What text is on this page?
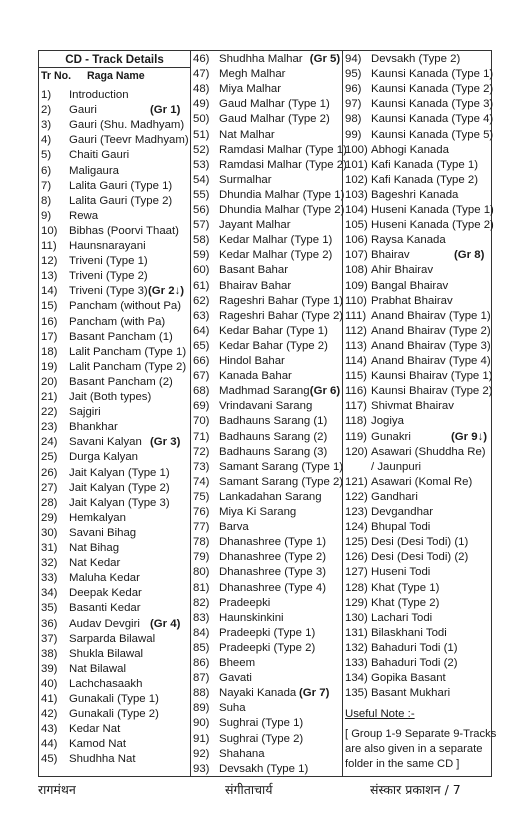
CD - Track Details
Tr No. Raga Name
1) Introduction
2) Gauri	(Gr 1)
3) Gauri (Shu. Madhyam)
4) Gauri (Teevr Madhyam)
5) Chaiti Gauri
6) Maligaura
7) Lalita Gauri (Type 1)
8) Lalita Gauri (Type 2)
9) Rewa
10) Bibhas (Poorvi Thaat)
11) Haunsnarayani
12) Triveni (Type 1)
13) Triveni (Type 2)
14) Triveni (Type 3) (Gr 2↓)
15) Pancham (without Pa)
16) Pancham (with Pa)
17) Basant Pancham (1)
18) Lalit Pancham (Type 1)
19) Lalit Pancham (Type 2)
20) Basant Pancham (2)
21) Jait (Both types)
22) Sajgiri
23) Bhankhar
24) Savani Kalyan (Gr 3)
25) Durga Kalyan
26) Jait Kalyan (Type 1)
27) Jait Kalyan (Type 2)
28) Jait Kalyan (Type 3)
29) Hemkalyan
30) Savani Bihag
31) Nat Bihag
32) Nat Kedar
33) Maluha Kedar
34) Deepak Kedar
35) Basanti Kedar
36) Audav Devgiri (Gr 4)
37) Sarparda Bilawal
38) Shukla Bilawal
39) Nat Bilawal
40) Lachchasaakh
41) Gunakali (Type 1)
42) Gunakali (Type 2)
43) Kedar Nat
44) Kamod Nat
45) Shudhha Nat
46) Shudhha Malhar (Gr 5)
47) Megh Malhar
48) Miya Malhar
49) Gaud Malhar (Type 1)
50) Gaud Malhar (Type 2)
51) Nat Malhar
52) Ramdasi Malhar (Type 1)
53) Ramdasi Malhar (Type 2)
54) Surmalhar
55) Dhundia Malhar (Type 1)
56) Dhundia Malhar (Type 2)
57) Jayant Malhar
58) Kedar Malhar (Type 1)
59) Kedar Malhar (Type 2)
60) Basant Bahar
61) Bhairav Bahar
62) Rageshri Bahar (Type 1)
63) Rageshri Bahar (Type 2)
64) Kedar Bahar (Type 1)
65) Kedar Bahar (Type 2)
66) Hindol Bahar
67) Kanada Bahar
68) Madhmad Sarang (Gr 6)
69) Vrindavani Sarang
70) Badhauns Sarang (1)
71) Badhauns Sarang (2)
72) Badhauns Sarang (3)
73) Samant Sarang (Type 1)
74) Samant Sarang (Type 2)
75) Lankadahan Sarang
76) Miya Ki Sarang
77) Barva
78) Dhanashree (Type 1)
79) Dhanashree (Type 2)
80) Dhanashree (Type 3)
81) Dhanashree (Type 4)
82) Pradeepki
83) Haunskinkini
84) Pradeepki (Type 1)
85) Pradeepki (Type 2)
86) Bheem
87) Gavati
88) Nayaki Kanada (Gr 7)
89) Suha
90) Sughrai (Type 1)
91) Sughrai (Type 2)
92) Shahana
93) Devsakh (Type 1)
Useful Note :-
[ Group 1-9 Separate 9-Tracks
are also given in a separate
folder in the same CD ]
94) Devsakh (Type 2)
95) Kaunsi Kanada (Type 1)
96) Kaunsi Kanada (Type 2)
97) Kaunsi Kanada (Type 3)
98) Kaunsi Kanada (Type 4)
99) Kaunsi Kanada (Type 5)
100) Abhogi Kanada
101) Kafi Kanada (Type 1)
102) Kafi Kanada (Type 2)
103) Bageshri Kanada
104) Huseni Kanada (Type 1)
105) Huseni Kanada (Type 2)
106) Raysa Kanada
107) Bhairav	(Gr 8)
108) Ahir Bhairav
109) Bangal Bhairav
110) Prabhat Bhairav
111) Anand Bhairav (Type 1)
112) Anand Bhairav (Type 2)
113) Anand Bhairav (Type 3)
114) Anand Bhairav (Type 4)
115) Kaunsi Bhairav (Type 1)
116) Kaunsi Bhairav (Type 2)
117) Shivmat Bhairav
118) Jogiya
119) Gunakri	(Gr 9↓)
120) Asawari (Shuddha Re)
/ Jaunpuri
121) Asawari (Komal Re)
122) Gandhari
123) Devgandhar
124) Bhupal Todi
125) Desi (Desi Todi) (1)
126) Desi (Desi Todi) (2)
127) Huseni Todi
128) Khat (Type 1)
129) Khat (Type 2)
130) Lachari Todi
131) Bilaskhani Todi
132) Bahaduri Todi (1)
133) Bahaduri Todi (2)
134) Gopika Basant
135) Basant Mukhari
रागमंथन	संगीताचार्य	संस्कार प्रकाशन / 7
